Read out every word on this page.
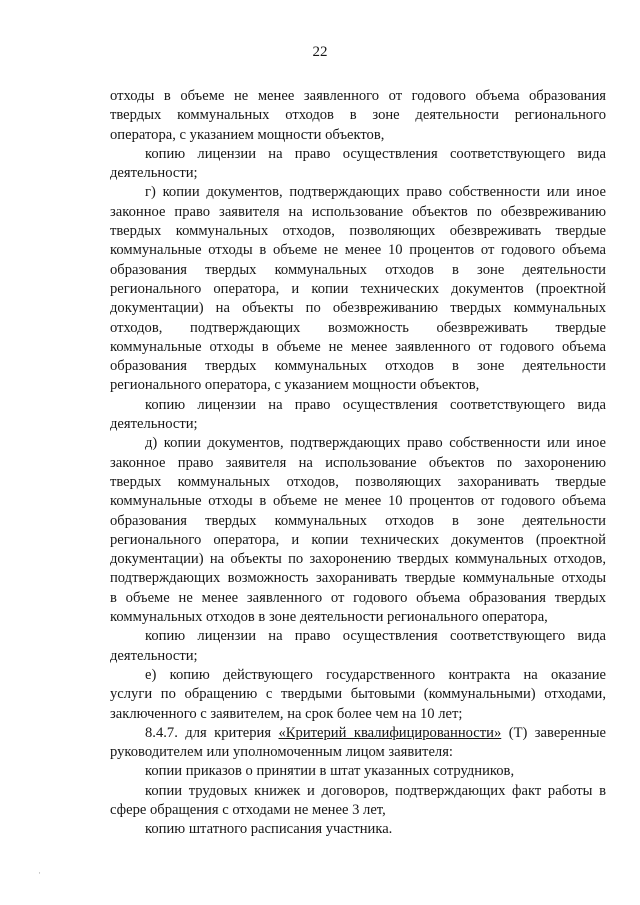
22
отходы в объеме не менее заявленного от годового объема образования
твердых коммунальных отходов в зоне деятельности регионального
оператора, с указанием мощности объектов,
копию лицензии на право осуществления соответствующего вида
деятельности;
г) копии документов, подтверждающих право собственности или иное
законное право заявителя на использование объектов по обезвреживанию
твердых коммунальных отходов, позволяющих обезвреживать твердые
коммунальные отходы в объеме не менее 10 процентов от годового объема
образования твердых коммунальных отходов в зоне деятельности
регионального оператора, и копии технических документов (проектной
документации) на объекты по обезвреживанию твердых коммунальных
отходов, подтверждающих возможность обезвреживать твердые
коммунальные отходы в объеме не менее заявленного от годового объема
образования твердых коммунальных отходов в зоне деятельности
регионального оператора, с указанием мощности объектов,
копию лицензии на право осуществления соответствующего вида
деятельности;
д) копии документов, подтверждающих право собственности или иное
законное право заявителя на использование объектов по захоронению
твердых коммунальных отходов, позволяющих захоранивать твердые
коммунальные отходы в объеме не менее 10 процентов от годового объема
образования твердых коммунальных отходов в зоне деятельности
регионального оператора, и копии технических документов (проектной
документации) на объекты по захоронению твердых коммунальных отходов,
подтверждающих возможность захоранивать твердые коммунальные отходы
в объеме не менее заявленного от годового объема образования твердых
коммунальных отходов в зоне деятельности регионального оператора,
копию лицензии на право осуществления соответствующего вида
деятельности;
е) копию действующего государственного контракта на оказание
услуги по обращению с твердыми бытовыми (коммунальными) отходами,
заключенного с заявителем, на срок более чем на 10 лет;
8.4.7. для критерия «Критерий квалифицированности» (Т) заверенные
руководителем или уполномоченным лицом заявителя:
копии приказов о принятии в штат указанных сотрудников,
копии трудовых книжек и договоров, подтверждающих факт работы в
сфере обращения с отходами не менее 3 лет,
копию штатного расписания участника.
·
